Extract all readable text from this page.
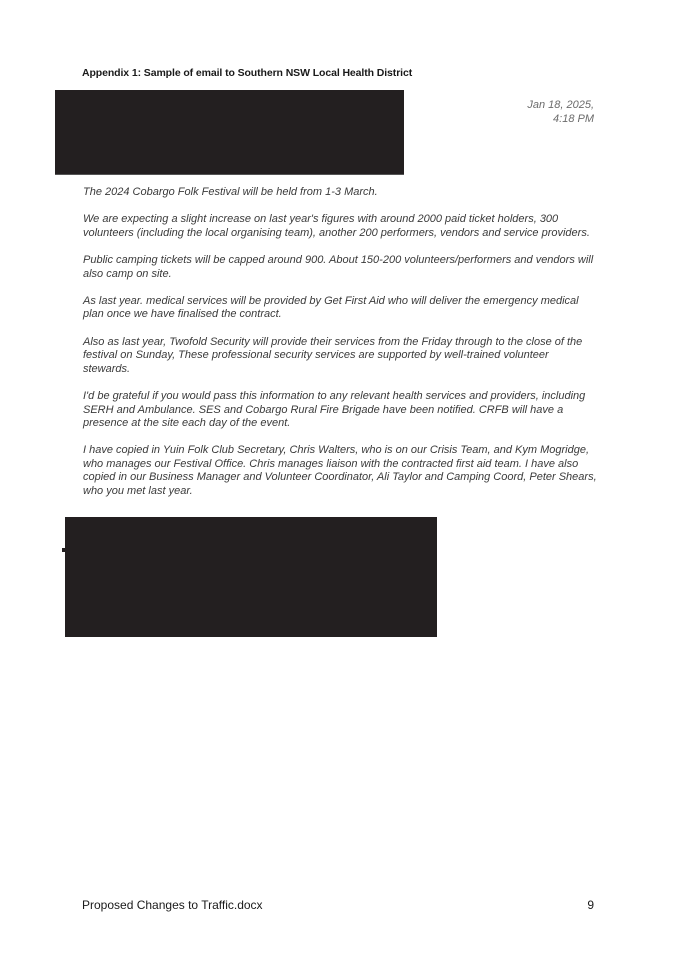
Appendix 1: Sample of email to Southern NSW Local Health District
Jan 18, 2025,
4:18 PM

The 2024 Cobargo Folk Festival will be held from 1-3 March.

We are expecting a slight increase on last year's figures with around 2000 paid ticket holders, 300 volunteers (including the local organising team), another 200 performers, vendors and service providers.

Public camping tickets will be capped around 900. About 150-200 volunteers/performers and vendors will also camp on site.

As last year. medical services will be provided by Get First Aid who will deliver the emergency medical plan once we have finalised the contract.

Also as last year, Twofold Security will provide their services from the Friday through to the close of the festival on Sunday, These professional security services are supported by well-trained volunteer stewards.

I'd be grateful if you would pass this information to any relevant health services and providers, including SERH and Ambulance. SES and Cobargo Rural Fire Brigade have been notified. CRFB will have a presence at the site each day of the event.

I have copied in Yuin Folk Club Secretary, Chris Walters, who is on our Crisis Team, and Kym Mogridge, who manages our Festival Office. Chris manages liaison with the contracted first aid team. I have also copied in our Business Manager and Volunteer Coordinator, Ali Taylor and Camping Coord, Peter Shears, who you met last year.

Proposed Changes to Traffic.docx	9
